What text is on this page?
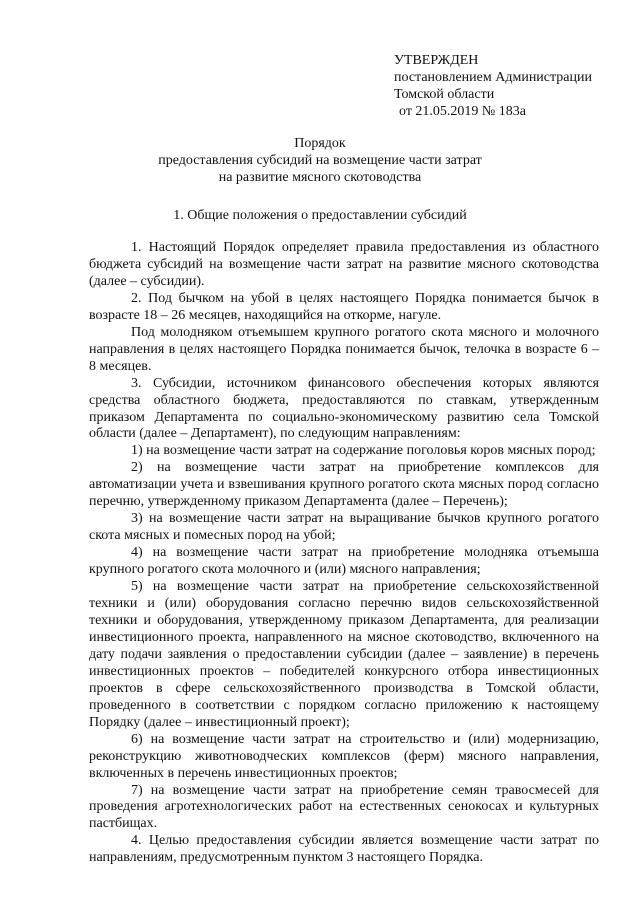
УТВЕРЖДЕН
постановлением Администрации
Томской области
от 21.05.2019 № 183а
Порядок
предоставления субсидий на возмещение части затрат
на развитие мясного скотоводства
1. Общие положения о предоставлении субсидий

1. Настоящий Порядок определяет правила предоставления из областного бюджета субсидий на возмещение части затрат на развитие мясного скотоводства (далее – субсидии).

2. Под бычком на убой в целях настоящего Порядка понимается бычок в возрасте 18 – 26 месяцев, находящийся на откорме, нагуле.

Под молодняком отъемышем крупного рогатого скота мясного и молочного направления в целях настоящего Порядка понимается бычок, телочка в возрасте 6 – 8 месяцев.

3. Субсидии, источником финансового обеспечения которых являются средства областного бюджета, предоставляются по ставкам, утвержденным приказом Департамента по социально-экономическому развитию села Томской области (далее – Департамент), по следующим направлениям:

1) на возмещение части затрат на содержание поголовья коров мясных пород;

2) на возмещение части затрат на приобретение комплексов для автоматизации учета и взвешивания крупного рогатого скота мясных пород согласно перечню, утвержденному приказом Департамента (далее – Перечень);

3) на возмещение части затрат на выращивание бычков крупного рогатого скота мясных и помесных пород на убой;

4) на возмещение части затрат на приобретение молодняка отъемыша крупного рогатого скота молочного и (или) мясного направления;

5) на возмещение части затрат на приобретение сельскохозяйственной техники и (или) оборудования согласно перечню видов сельскохозяйственной техники и оборудования, утвержденному приказом Департамента, для реализации инвестиционного проекта, направленного на мясное скотоводство, включенного на дату подачи заявления о предоставлении субсидии (далее – заявление) в перечень инвестиционных проектов – победителей конкурсного отбора инвестиционных проектов в сфере сельскохозяйственного производства в Томской области, проведенного в соответствии с порядком согласно приложению к настоящему Порядку (далее – инвестиционный проект);

6) на возмещение части затрат на строительство и (или) модернизацию, реконструкцию животноводческих комплексов (ферм) мясного направления, включенных в перечень инвестиционных проектов;

7) на возмещение части затрат на приобретение семян травосмесей для проведения агротехнологических работ на естественных сенокосах и культурных пастбищах.

4. Целью предоставления субсидии является возмещение части затрат по направлениям, предусмотренным пунктом 3 настоящего Порядка.
